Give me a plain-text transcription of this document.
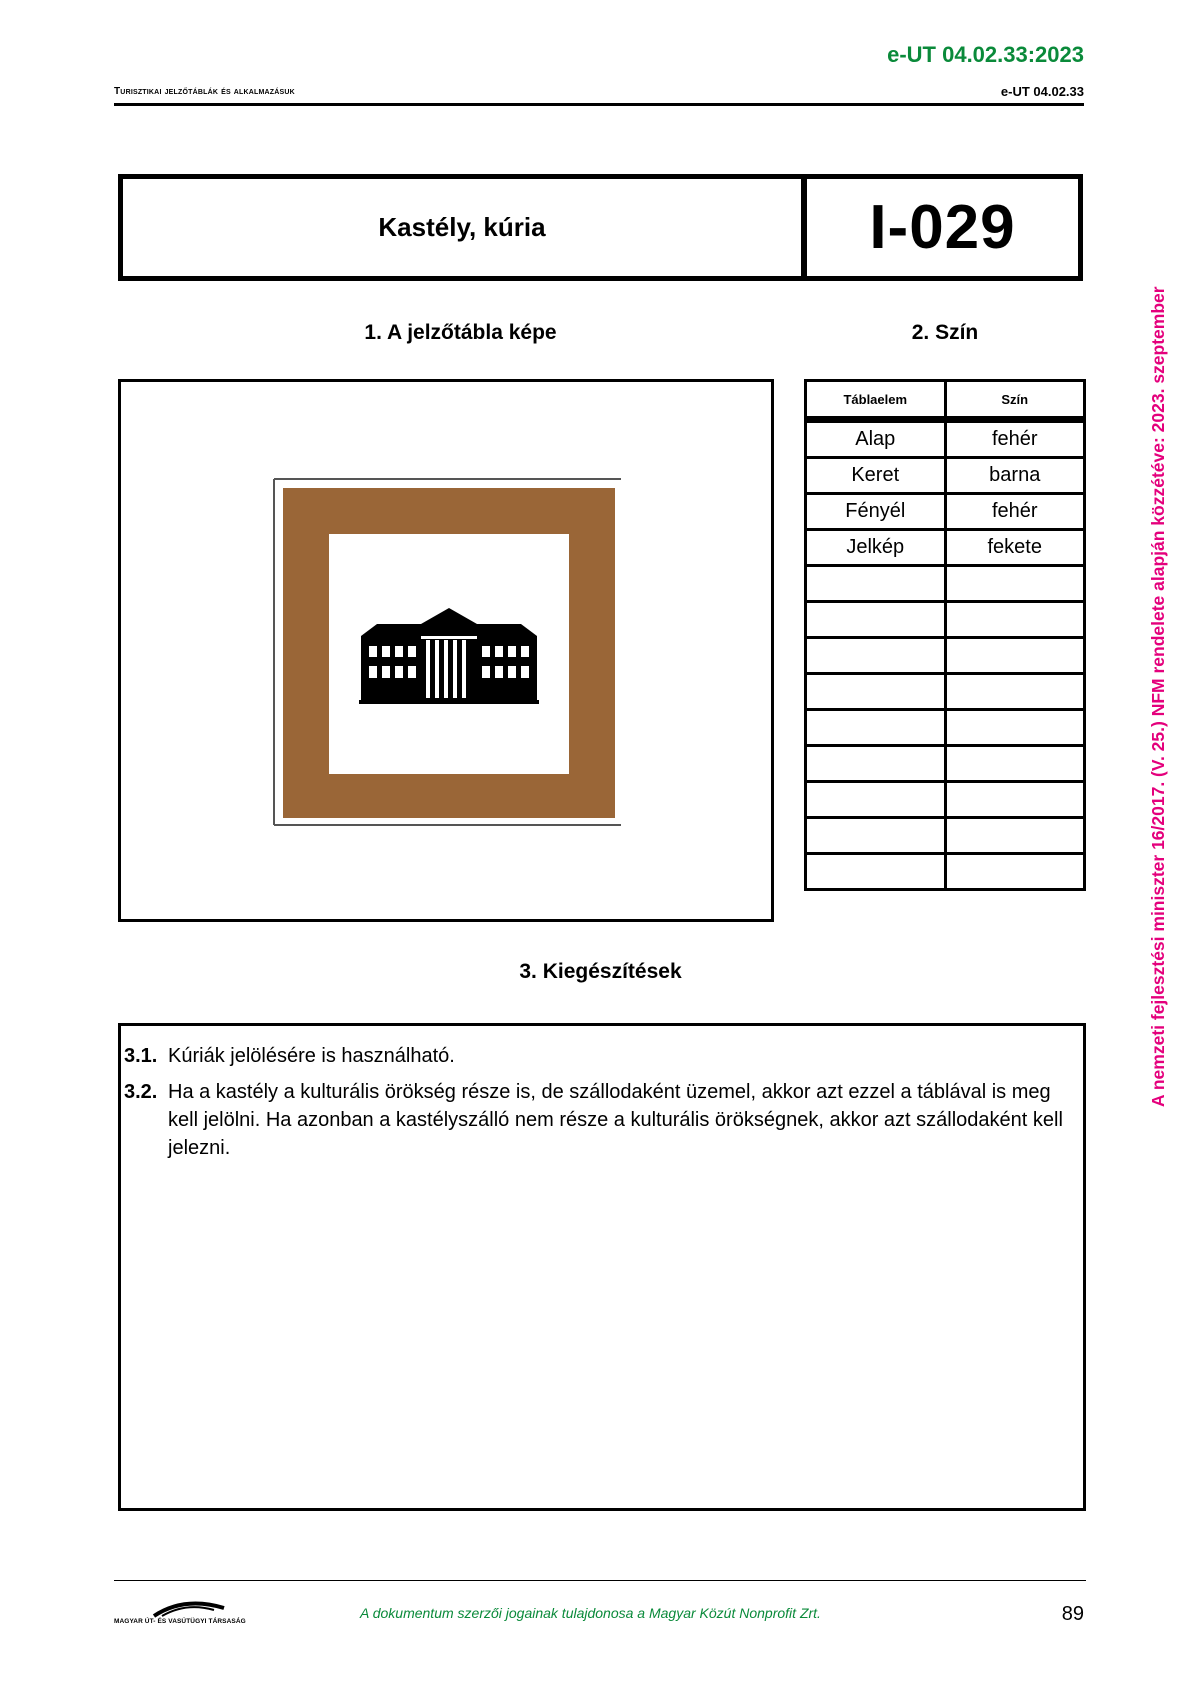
e-UT 04.02.33:2023
Turisztikai jelzőtáblák és alkalmazásuk	e-UT 04.02.33
A nemzeti fejlesztési miniszter 16/2017. (V. 25.) NFM rendelete alapján közzétéve: 2023. szeptember
Kastély, kúria	I-029
1. A jelzőtábla képe	2. Szín
Táblaelem	Szín
Alap	fehér
Keret	barna
Fényél	fehér
Jelkép	fekete

3. Kiegészítések
3.1. Kúriák jelölésére is használható.
3.2. Ha a kastély a kulturális örökség része is, de szállodaként üzemel, akkor azt ezzel a táblával is meg kell jelölni. Ha azonban a kastélyszálló nem része a kulturális örökségnek, akkor azt szállodaként kell jelezni.
MAGYAR ÚT- ÉS VASÚTÜGYI TÁRSASÁG
A dokumentum szerzői jogainak tulajdonosa a Magyar Közút Nonprofit Zrt.	89
